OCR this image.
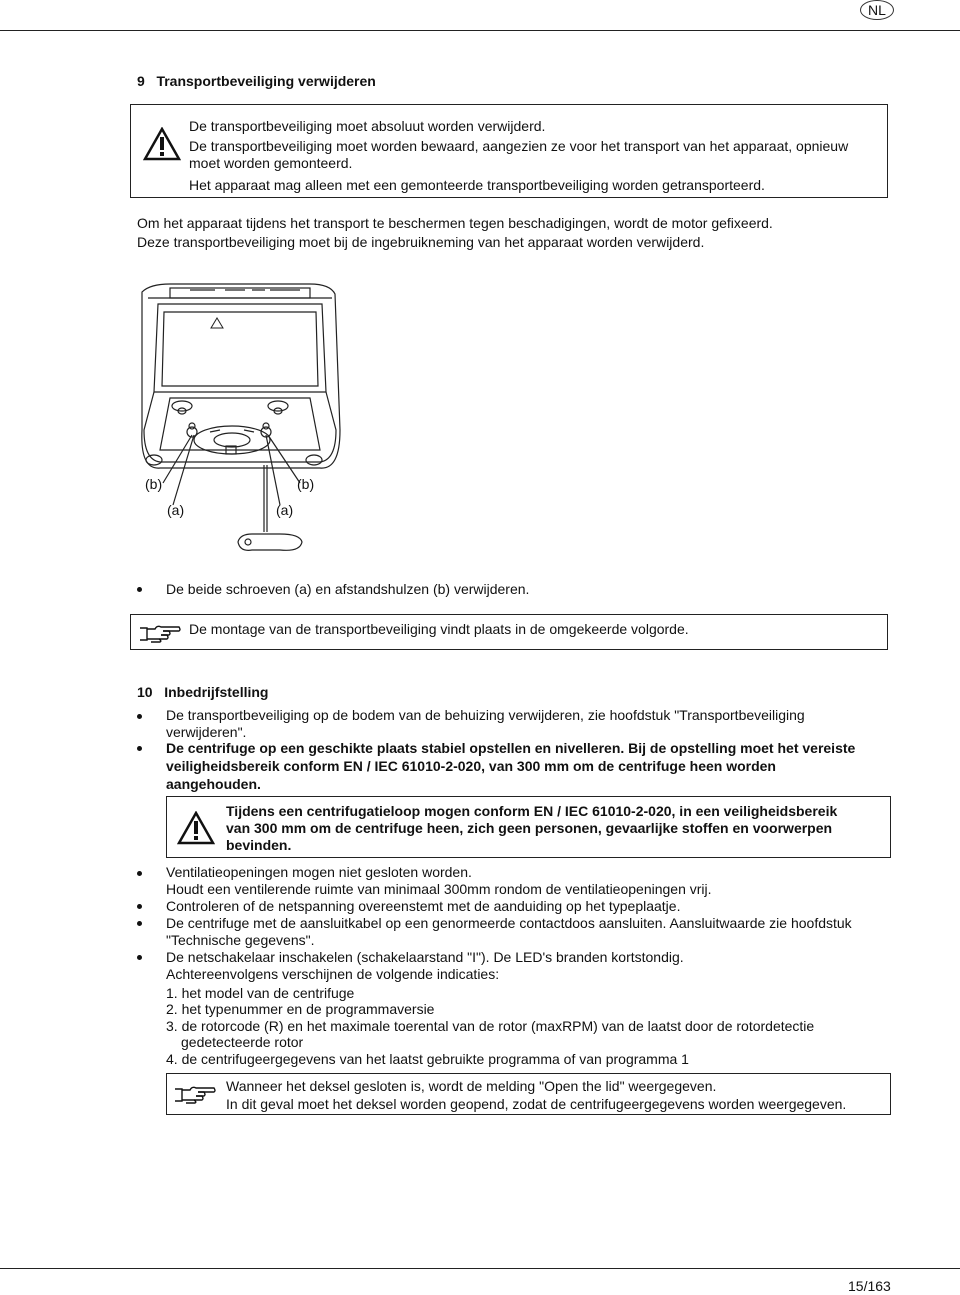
NL
9   Transportbeveiliging verwijderen
De transportbeveiliging moet absoluut worden verwijderd.
De transportbeveiliging moet worden bewaard, aangezien ze voor het transport van het apparaat, opnieuw
moet worden gemonteerd.
Het apparaat mag alleen met een gemonteerde transportbeveiliging worden getransporteerd.
Om het apparaat tijdens het transport te beschermen tegen beschadigingen, wordt de motor gefixeerd.
Deze transportbeveiliging moet bij de ingebruikneming van het apparaat worden verwijderd.
(b)	(b)
(a)	(a)
De beide schroeven (a) en afstandshulzen (b) verwijderen.
De montage van de transportbeveiliging vindt plaats in de omgekeerde volgorde.
10   Inbedrijfstelling
De transportbeveiliging op de bodem van de behuizing verwijderen, zie hoofdstuk "Transportbeveiliging
verwijderen".
De centrifuge op een geschikte plaats stabiel opstellen en nivelleren. Bij de opstelling moet het vereiste
veiligheidsbereik conform EN / IEC 61010-2-020, van 300 mm om de centrifuge heen worden
aangehouden.
Tijdens een centrifugatieloop mogen conform EN / IEC 61010-2-020, in een veiligheidsbereik
van 300 mm om de centrifuge heen, zich geen personen, gevaarlijke stoffen en voorwerpen
bevinden.
Ventilatieopeningen mogen niet gesloten worden.
Houdt een ventilerende ruimte van minimaal 300mm rondom de ventilatieopeningen vrij.
Controleren of de netspanning overeenstemt met de aanduiding op het typeplaatje.
De centrifuge met de aansluitkabel op een genormeerde contactdoos aansluiten. Aansluitwaarde zie hoofdstuk
"Technische gegevens".
De netschakelaar inschakelen (schakelaarstand "I"). De LED's branden kortstondig.
Achtereenvolgens verschijnen de volgende indicaties:
1. het model van de centrifuge
2. het typenummer en de programmaversie
3. de rotorcode (R) en het maximale toerental van de rotor (maxRPM) van de laatst door de rotordetectie
gedetecteerde rotor
4. de centrifugeergegevens van het laatst gebruikte programma of van programma 1
Wanneer het deksel gesloten is, wordt de melding "Open the lid" weergegeven.
In dit geval moet het deksel worden geopend, zodat de centrifugeergegevens worden weergegeven.
15/163
